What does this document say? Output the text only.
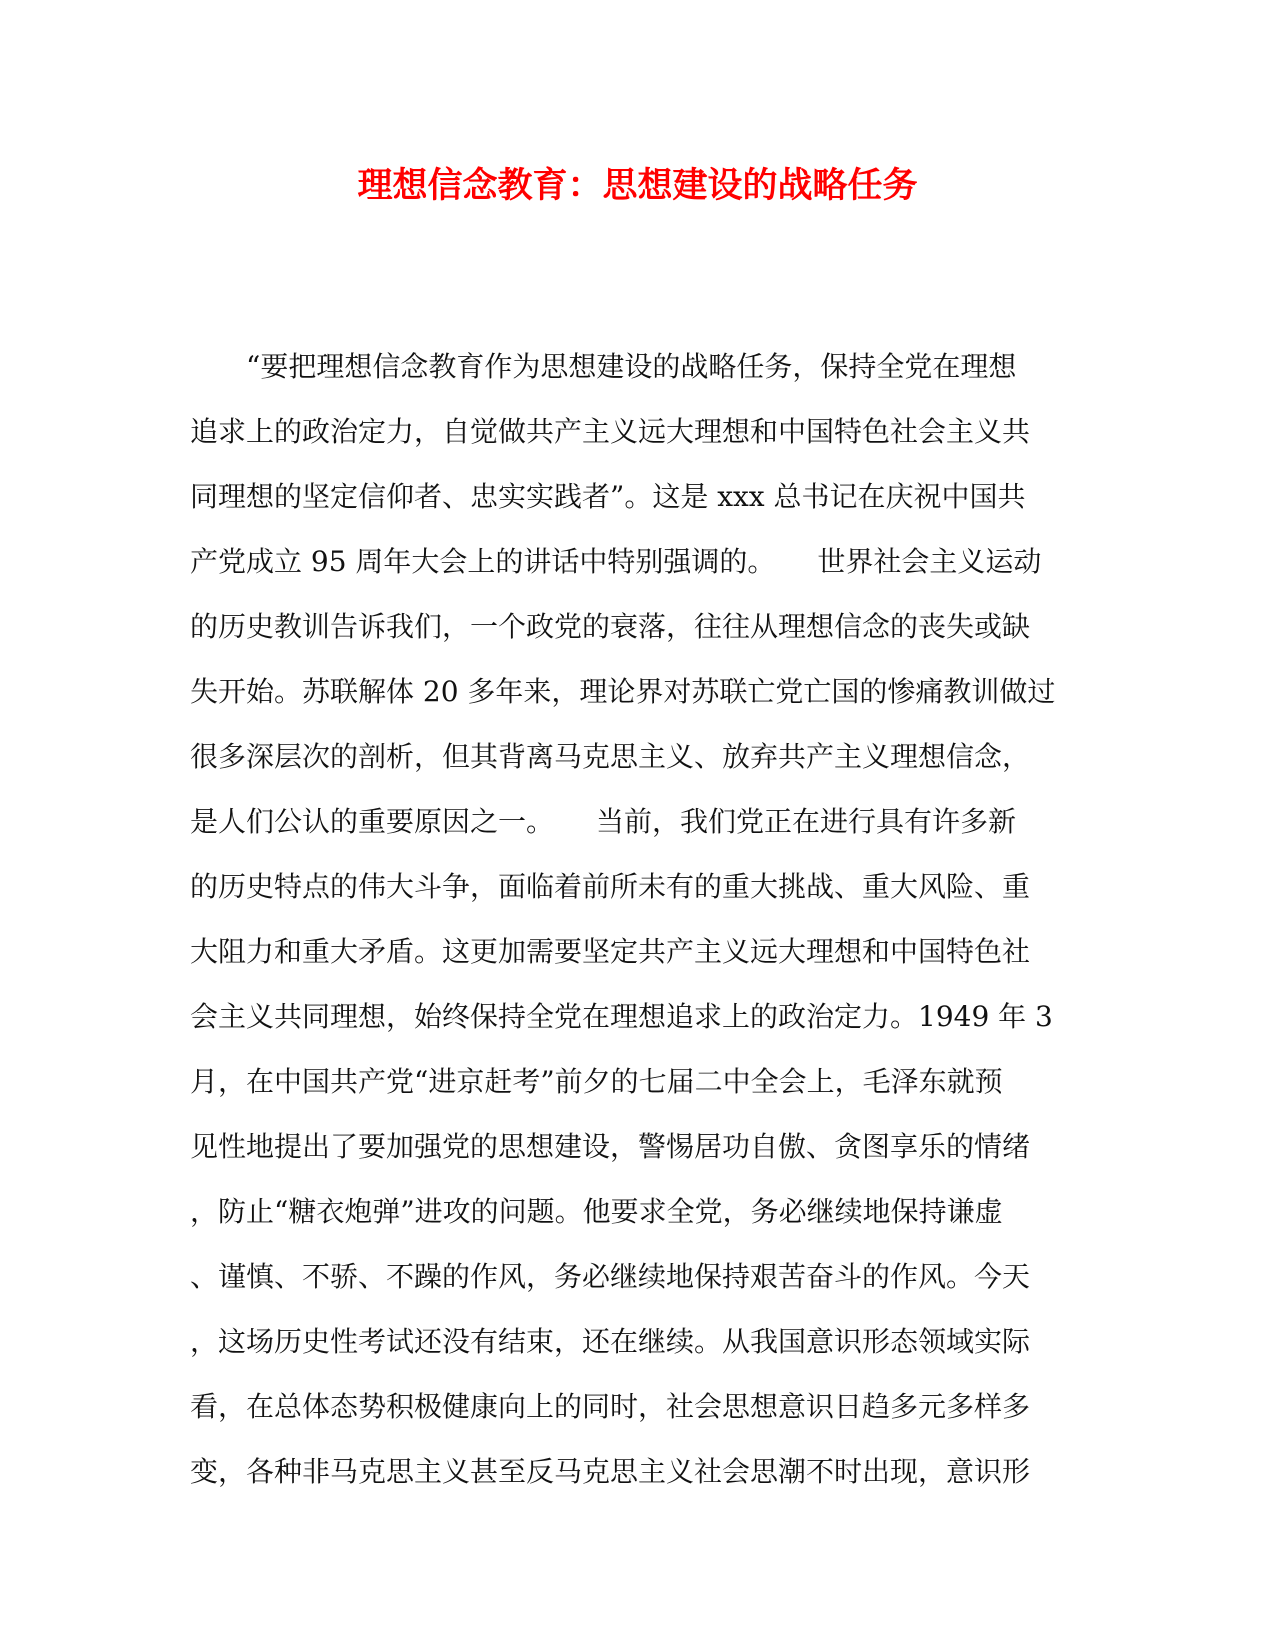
理想信念教育：思想建设的战略任务
　　“要把理想信念教育作为思想建设的战略任务，保持全党在理想
追求上的政治定力，自觉做共产主义远大理想和中国特色社会主义共
同理想的坚定信仰者、忠实实践者”。这是 xxx 总书记在庆祝中国共
产党成立 95 周年大会上的讲话中特别强调的。　　世界社会主义运动
的历史教训告诉我们，一个政党的衰落，往往从理想信念的丧失或缺
失开始。苏联解体 20 多年来，理论界对苏联亡党亡国的惨痛教训做过
很多深层次的剖析，但其背离马克思主义、放弃共产主义理想信念，
是人们公认的重要原因之一。　　当前，我们党正在进行具有许多新
的历史特点的伟大斗争，面临着前所未有的重大挑战、重大风险、重
大阻力和重大矛盾。这更加需要坚定共产主义远大理想和中国特色社
会主义共同理想，始终保持全党在理想追求上的政治定力。1949 年 3
月，在中国共产党“进京赶考”前夕的七届二中全会上，毛泽东就预
见性地提出了要加强党的思想建设，警惕居功自傲、贪图享乐的情绪
，防止“糖衣炮弹”进攻的问题。他要求全党，务必继续地保持谦虚
、谨慎、不骄、不躁的作风，务必继续地保持艰苦奋斗的作风。今天
，这场历史性考试还没有结束，还在继续。从我国意识形态领域实际
看，在总体态势积极健康向上的同时，社会思想意识日趋多元多样多
变，各种非马克思主义甚至反马克思主义社会思潮不时出现，意识形
